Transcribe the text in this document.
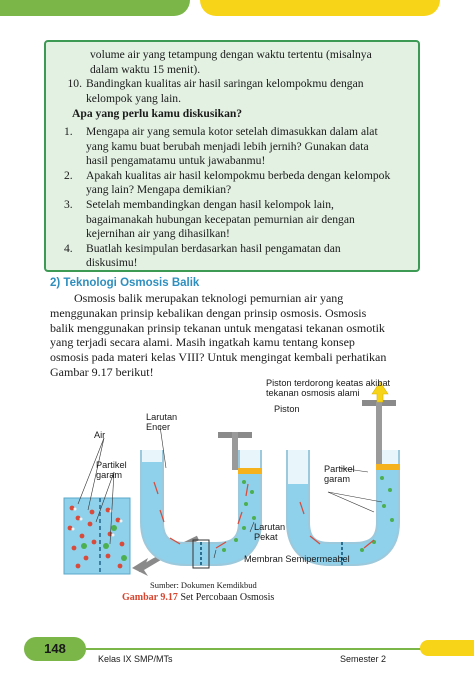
volume air yang tetampung dengan waktu tertentu (misalnya
dalam waktu 15 menit).
10. Bandingkan kualitas air hasil saringan kelompokmu dengan
kelompok yang lain.
Apa yang perlu kamu diskusikan?
1.	Mengapa air yang semula kotor setelah dimasukkan dalam alat
yang kamu buat berubah menjadi lebih jernih? Gunakan data
hasil pengamatamu untuk jawabanmu!
2.	Apakah kualitas air hasil kelompokmu berbeda dengan kelompok
yang lain? Mengapa demikian?
3.	Setelah membandingkan dengan hasil kelompok lain,
bagaimanakah hubungan kecepatan pemurnian air dengan
kejernihan air yang dihasilkan!
4.	Buatlah kesimpulan berdasarkan hasil pengamatan dan
diskusimu!
2) Teknologi Osmosis Balik
Osmosis balik merupakan teknologi pemurnian air yang
menggunakan prinsip kebalikan dengan prinsip osmosis. Osmosis
balik menggunakan prinsip tekanan untuk mengatasi tekanan osmotik
yang terjadi secara alami. Masih ingatkah kamu tentang konsep
osmosis pada materi kelas VIII? Untuk mengingat kembali perhatikan
Gambar 9.17 berikut!
Piston terdorong keatas akibat
tekanan osmosis alami
Piston
Larutan
Encer
Air
Partikel
garam
Partikel
garam
Larutan
Pekat
Membran Semipermeabel
Sumber: Dokumen Kemdikbud
Gambar 9.17 Set Percobaan Osmosis
148
Kelas IX SMP/MTs	Semester 2
